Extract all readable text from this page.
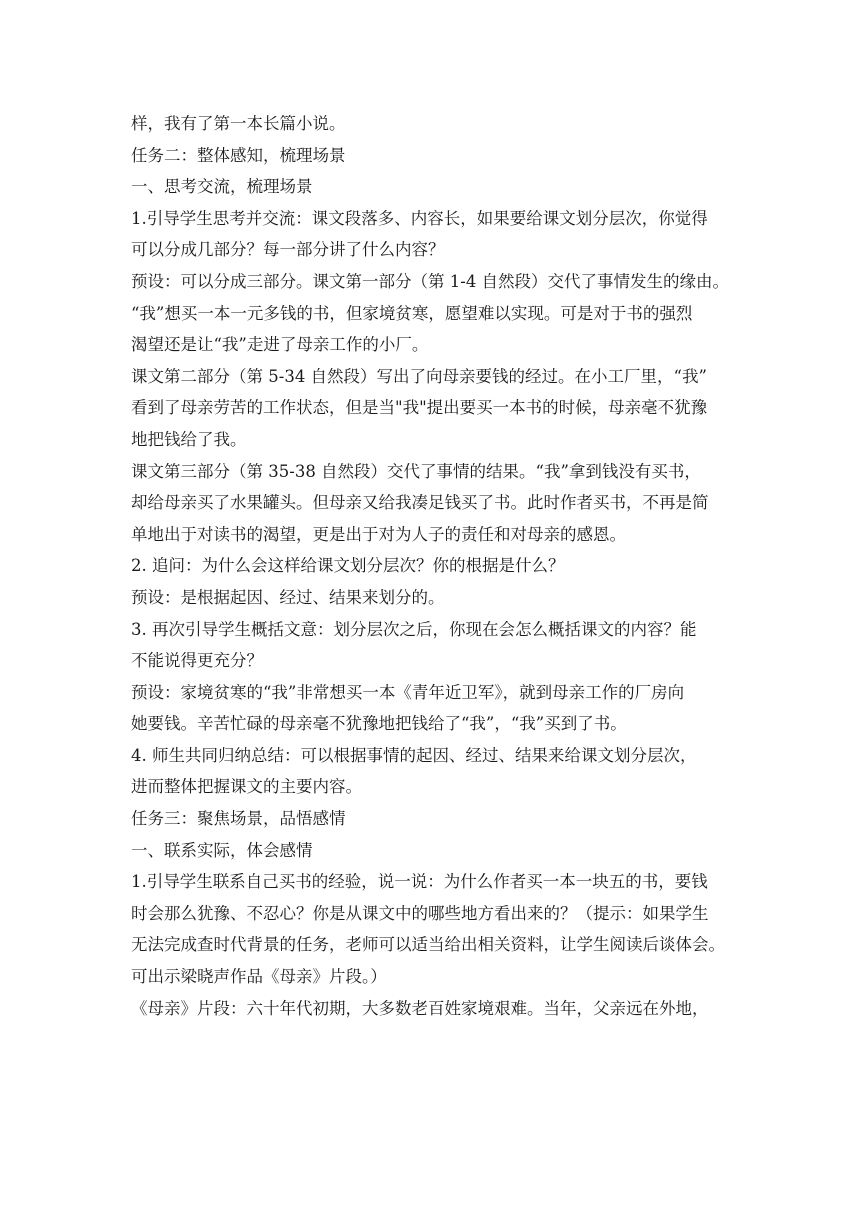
样，我有了第一本长篇小说。
任务二：整体感知，梳理场景
一、思考交流，梳理场景
1.引导学生思考并交流：课文段落多、内容长，如果要给课文划分层次，你觉得
可以分成几部分？每一部分讲了什么内容？
预设：可以分成三部分。课文第一部分（第 1-4 自然段）交代了事情发生的缘由。
“我”想买一本一元多钱的书，但家境贫寒，愿望难以实现。可是对于书的强烈
渴望还是让“我”走进了母亲工作的小厂。
课文第二部分（第 5-34 自然段）写出了向母亲要钱的经过。在小工厂里，“我”
看到了母亲劳苦的工作状态，但是当"我"提出要买一本书的时候，母亲毫不犹豫
地把钱给了我。
课文第三部分（第 35-38 自然段）交代了事情的结果。“我”拿到钱没有买书，
却给母亲买了水果罐头。但母亲又给我凑足钱买了书。此时作者买书，不再是简
单地出于对读书的渴望，更是出于对为人子的责任和对母亲的感恩。
2. 追问：为什么会这样给课文划分层次？你的根据是什么？
预设：是根据起因、经过、结果来划分的。
3. 再次引导学生概括文意：划分层次之后，你现在会怎么概括课文的内容？能
不能说得更充分？
预设：家境贫寒的“我”非常想买一本《青年近卫军》，就到母亲工作的厂房向
她要钱。辛苦忙碌的母亲毫不犹豫地把钱给了“我”，“我”买到了书。
4. 师生共同归纳总结：可以根据事情的起因、经过、结果来给课文划分层次，
进而整体把握课文的主要内容。
任务三：聚焦场景，品悟感情
一、联系实际，体会感情
1.引导学生联系自己买书的经验，说一说：为什么作者买一本一块五的书，要钱
时会那么犹豫、不忍心？你是从课文中的哪些地方看出来的？（提示：如果学生
无法完成查时代背景的任务，老师可以适当给出相关资料，让学生阅读后谈体会。
可出示梁晓声作品《母亲》片段。）
《母亲》片段：六十年代初期，大多数老百姓家境艰难。当年，父亲远在外地，
